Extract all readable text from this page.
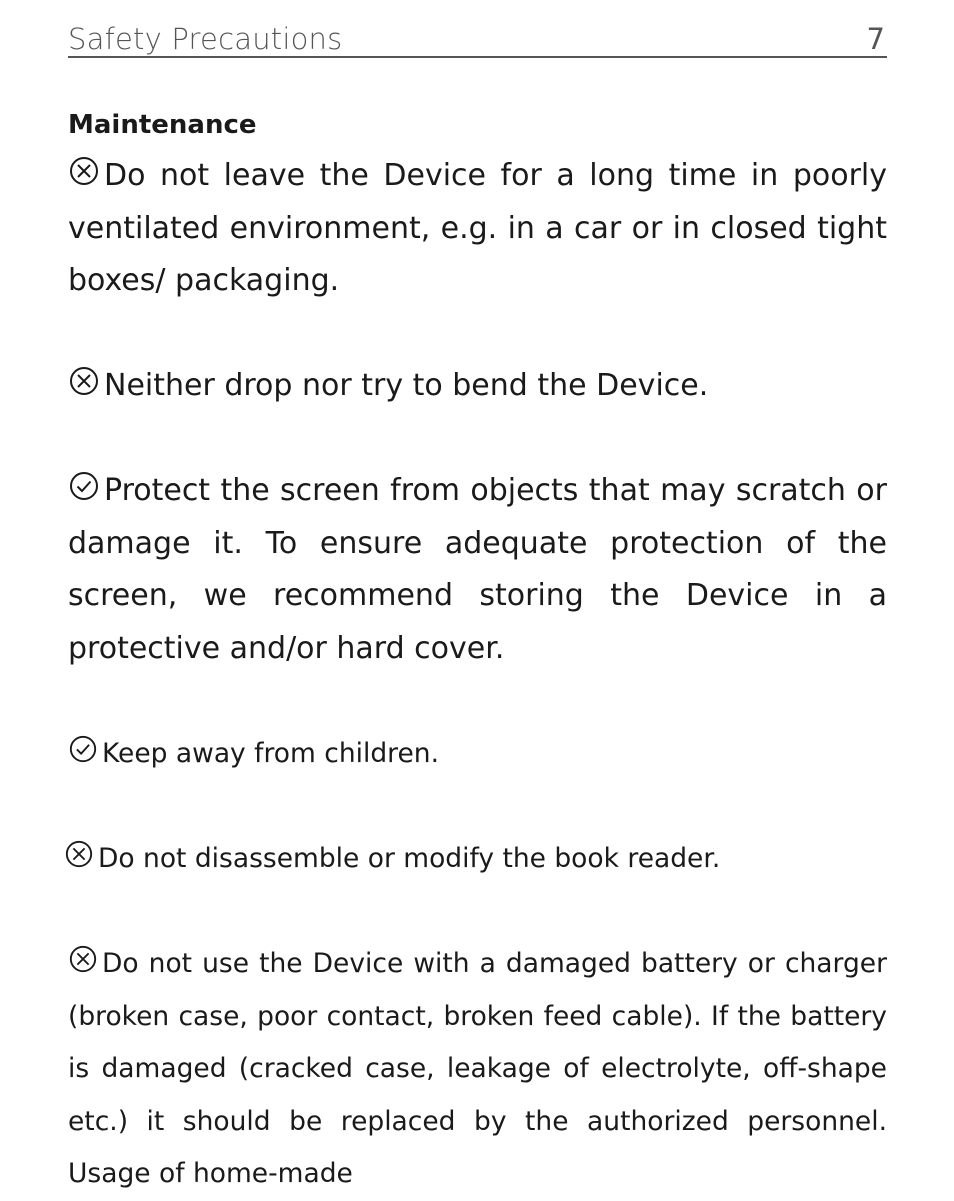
Safety Precautions	7
Maintenance
Do not leave the Device for a long time in poorly ventilated environment, e.g. in a car or in closed tight boxes/ packaging.
Neither drop nor try to bend the Device.
Protect the screen from objects that may scratch or damage it. To ensure adequate protection of the screen, we recommend storing the Device in a protective and/or hard cover.
Keep away from children.
Do not disassemble or modify the book reader.
Do not use the Device with a damaged battery or charger (broken case, poor contact, broken feed cable). If the battery is damaged (cracked case, leakage of electrolyte, off-shape etc.) it should be replaced by the authorized personnel. Usage of home-made
